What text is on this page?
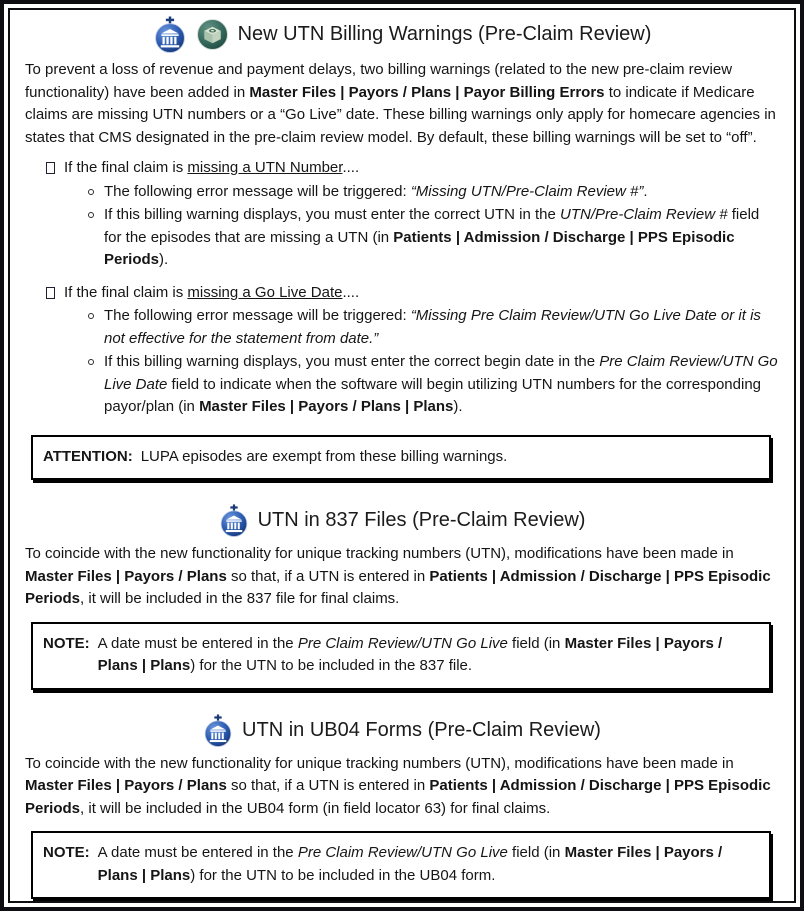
New UTN Billing Warnings (Pre-Claim Review)

To prevent a loss of revenue and payment delays, two billing warnings (related to the new pre-claim review functionality) have been added in Master Files | Payors / Plans | Payor Billing Errors to indicate if Medicare claims are missing UTN numbers or a “Go Live” date. These billing warnings only apply for homecare agencies in states that CMS designated in the pre-claim review model. By default, these billing warnings will be set to “off”.

If the final claim is missing a UTN Number....
The following error message will be triggered: “Missing UTN/Pre-Claim Review #”.
If this billing warning displays, you must enter the correct UTN in the UTN/Pre-Claim Review # field for the episodes that are missing a UTN (in Patients | Admission / Discharge | PPS Episodic Periods).
If the final claim is missing a Go Live Date....
The following error message will be triggered: “Missing Pre Claim Review/UTN Go Live Date or it is not effective for the statement from date.”
If this billing warning displays, you must enter the correct begin date in the Pre Claim Review/UTN Go Live Date field to indicate when the software will begin utilizing UTN numbers for the corresponding payor/plan (in Master Files | Payors / Plans | Plans).
ATTENTION: LUPA episodes are exempt from these billing warnings.
UTN in 837 Files (Pre-Claim Review)

To coincide with the new functionality for unique tracking numbers (UTN), modifications have been made in Master Files | Payors / Plans so that, if a UTN is entered in Patients | Admission / Discharge | PPS Episodic Periods, it will be included in the 837 file for final claims.

NOTE: A date must be entered in the Pre Claim Review/UTN Go Live field (in Master Files | Payors / Plans | Plans) for the UTN to be included in the 837 file.
UTN in UB04 Forms (Pre-Claim Review)

To coincide with the new functionality for unique tracking numbers (UTN), modifications have been made in Master Files | Payors / Plans so that, if a UTN is entered in Patients | Admission / Discharge | PPS Episodic Periods, it will be included in the UB04 form (in field locator 63) for final claims.

NOTE: A date must be entered in the Pre Claim Review/UTN Go Live field (in Master Files | Payors / Plans | Plans) for the UTN to be included in the UB04 form.
